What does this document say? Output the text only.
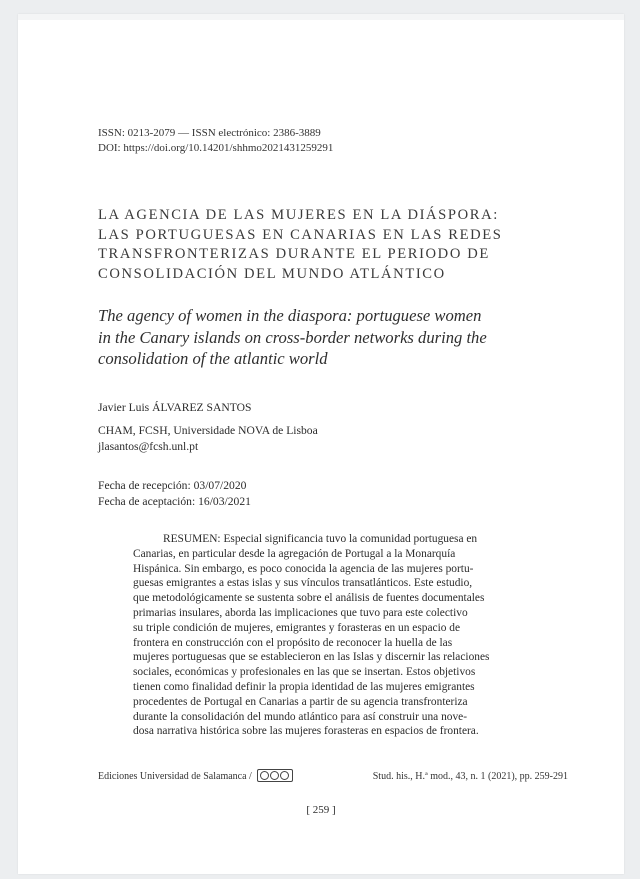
ISSN: 0213-2079 — ISSN electrónico: 2386-3889
DOI: https://doi.org/10.14201/shhmo2021431259291
LA AGENCIA DE LAS MUJERES EN LA DIÁSPORA:
LAS PORTUGUESAS EN CANARIAS EN LAS REDES
TRANSFRONTERIZAS DURANTE EL PERIODO DE
CONSOLIDACIÓN DEL MUNDO ATLÁNTICO
The agency of women in the diaspora: portuguese women
in the Canary islands on cross-border networks during the
consolidation of the atlantic world
Javier Luis ÁLVAREZ SANTOS
CHAM, FCSH, Universidade NOVA de Lisboa
jlasantos@fcsh.unl.pt
Fecha de recepción: 03/07/2020
Fecha de aceptación: 16/03/2021
RESUMEN: Especial significancia tuvo la comunidad portuguesa en
Canarias, en particular desde la agregación de Portugal a la Monarquía
Hispánica. Sin embargo, es poco conocida la agencia de las mujeres portu-
guesas emigrantes a estas islas y sus vínculos transatlánticos. Este estudio,
que metodológicamente se sustenta sobre el análisis de fuentes documentales
primarias insulares, aborda las implicaciones que tuvo para este colectivo
su triple condición de mujeres, emigrantes y forasteras en un espacio de
frontera en construcción con el propósito de reconocer la huella de las
mujeres portuguesas que se establecieron en las Islas y discernir las relaciones
sociales, económicas y profesionales en las que se insertan. Estos objetivos
tienen como finalidad definir la propia identidad de las mujeres emigrantes
procedentes de Portugal en Canarias a partir de su agencia transfronteriza
durante la consolidación del mundo atlántico para así construir una nove-
dosa narrativa histórica sobre las mujeres forasteras en espacios de frontera.
Ediciones Universidad de Salamanca /	Stud. his., H.ª mod., 43, n. 1 (2021), pp. 259-291
[ 259 ]
